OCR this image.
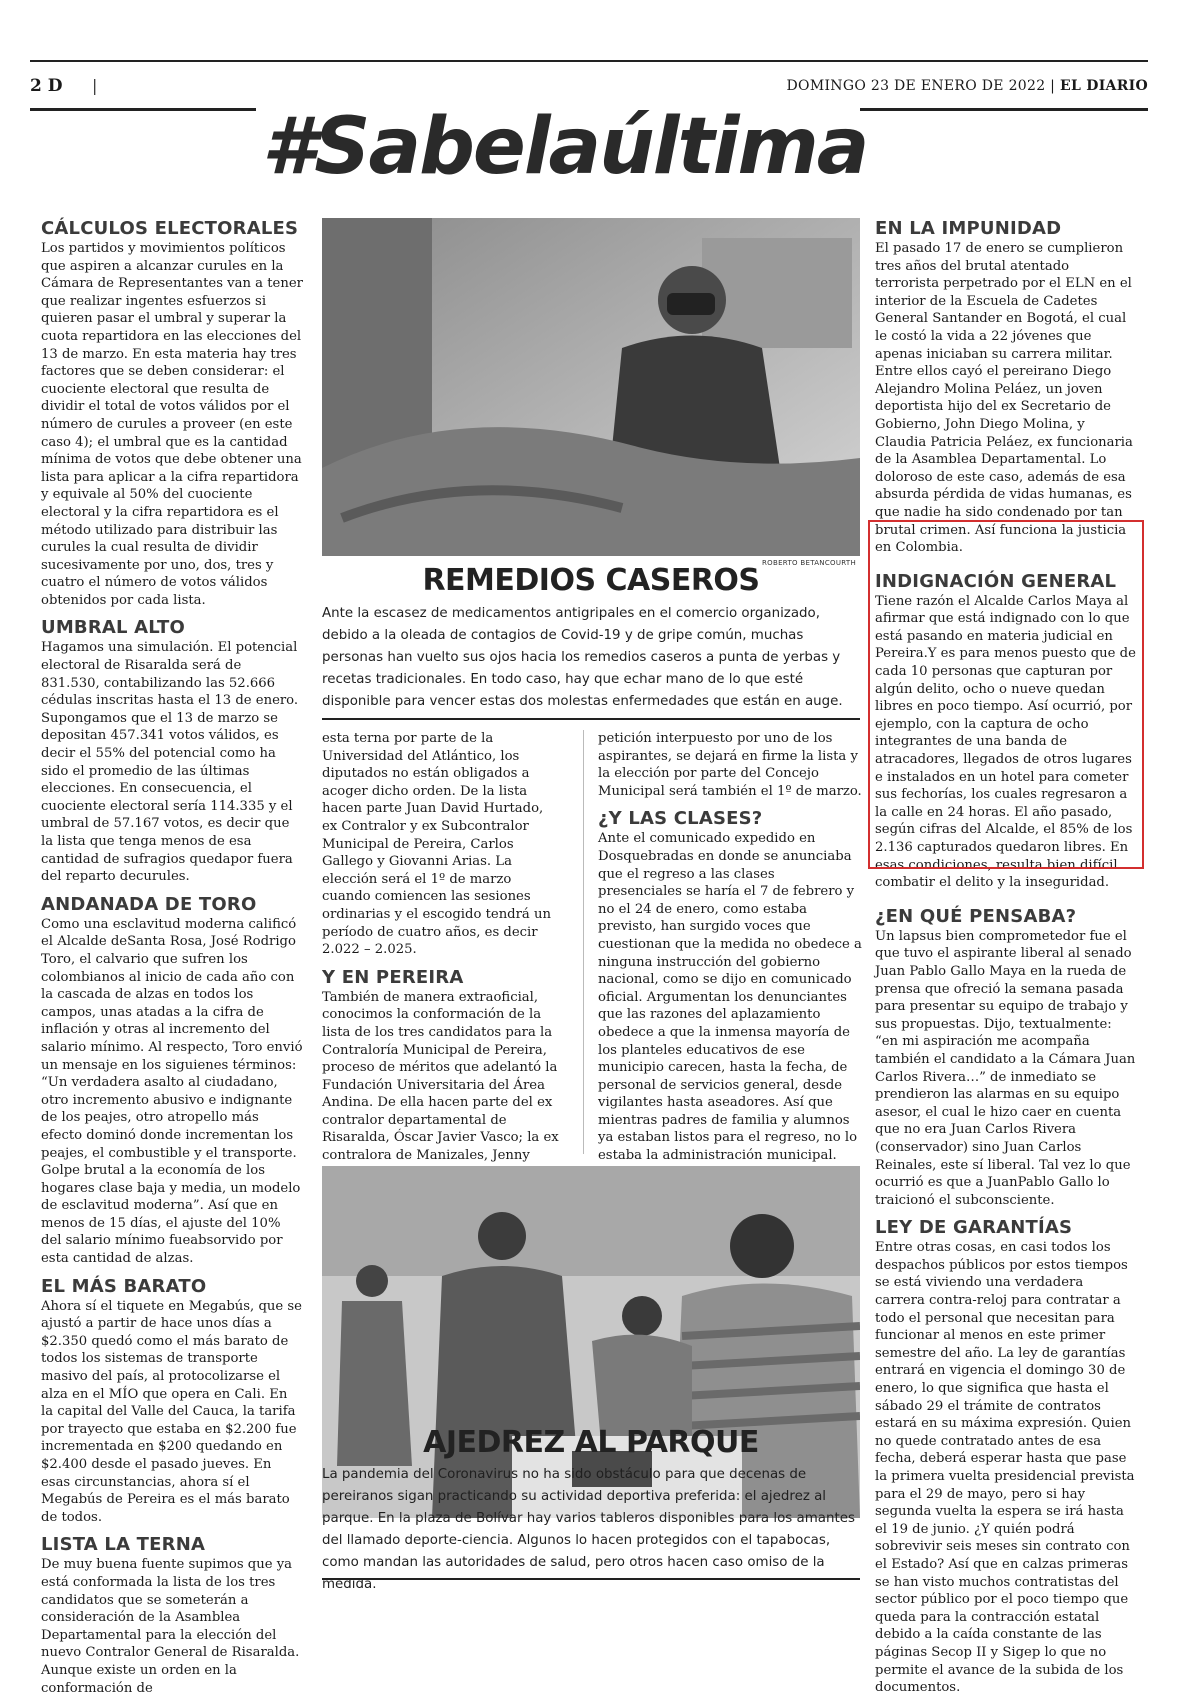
2 D |	DOMINGO 23 DE ENERO DE 2022 | EL DIARIO
#Sabelaúltima
CÁLCULOS ELECTORALES

Los partidos y movimientos políticos que aspiren a alcanzar curules en la Cámara de Representantes van a tener que realizar ingentes esfuerzos si quieren pasar el umbral y superar la cuota repartidora en las elecciones del 13 de marzo. En esta materia hay tres factores que se deben considerar: el cuociente electoral que resulta de dividir el total de votos válidos por el número de curules a proveer (en este caso 4); el umbral que es la cantidad mínima de votos que debe obtener una lista para aplicar a la cifra repartidora y equivale al 50% del cuociente electoral y la cifra repartidora es el método utilizado para distribuir las curules la cual resulta de dividir sucesivamente por uno, dos, tres y cuatro el número de votos válidos obtenidos por cada lista.

UMBRAL ALTO

Hagamos una simulación. El potencial electoral de Risaralda será de 831.530, contabilizando las 52.666 cédulas inscritas hasta el 13 de enero. Supongamos que el 13 de marzo se depositan 457.341 votos válidos, es decir el 55% del potencial como ha sido el promedio de las últimas elecciones. En consecuencia, el cuociente electoral sería 114.335 y el umbral de 57.167 votos, es decir que la lista que tenga menos de esa cantidad de sufragios quedapor fuera del reparto decurules.

ANDANADA DE TORO

Como una esclavitud moderna calificó el Alcalde deSanta Rosa, José Rodrigo Toro, el calvario que sufren los colombianos al inicio de cada año con la cascada de alzas en todos los campos, unas atadas a la cifra de inflación y otras al incremento del salario mínimo. Al respecto, Toro envió un mensaje en los siguienes términos: “Un verdadera asalto al ciudadano, otro incremento abusivo e indignante de los peajes, otro atropello más efecto dominó donde incrementan los peajes, el combustible y el transporte. Golpe brutal a la economía de los hogares clase baja y media, un modelo de esclavitud moderna”. Así que en menos de 15 días, el ajuste del 10% del salario mínimo fueabsorvido por esta cantidad de alzas.

EL MÁS BARATO

Ahora sí el tiquete en Megabús, que se ajustó a partir de hace unos días a $2.350 quedó como el más barato de todos los sistemas de transporte masivo del país, al protocolizarse el alza en el MÍO que opera en Cali. En la capital del Valle del Cauca, la tarifa por trayecto que estaba en $2.200 fue incrementada en $200 quedando en $2.400 desde el pasado jueves. En esas circunstancias, ahora sí el Megabús de Pereira es el más barato de todos.

LISTA LA TERNA

De muy buena fuente supimos que ya está conformada la lista de los tres candidatos que se someterán a consideración de la Asamblea Departamental para la elección del nuevo Contralor General de Risaralda. Aunque existe un orden en la conformación de

ROBERTO BETANCOURTH
REMEDIOS CASEROS
Ante la escasez de medicamentos antigripales en el comercio organizado, debido a la oleada de contagios de Covid-19 y de gripe común, muchas personas han vuelto sus ojos hacia los remedios caseros a punta de yerbas y recetas tradicionales. En todo caso, hay que echar mano de lo que esté disponible para vencer estas dos molestas enfermedades que están en auge.

esta terna por parte de la Universidad del Atlántico, los diputados no están obligados a acoger dicho orden. De la lista hacen parte Juan David Hurtado, ex Contralor y ex Subcontralor Municipal de Pereira, Carlos Gallego y Giovanni Arias. La elección será el 1º de marzo cuando comiencen las sesiones ordinarias y el escogido tendrá un período de cuatro años, es decir 2.022 – 2.025.

Y EN PEREIRA

También de manera extraoficial, conocimos la conformación de la lista de los tres candidatos para la Contraloría Municipal de Pereira, proceso de méritos que adelantó la Fundación Universitaria del Área Andina. De ella hacen parte del ex contralor departamental de Risaralda, Óscar Javier Vasco; la ex contralora de Manizales, Jenny

petición interpuesto por uno de los aspirantes, se dejará en firme la lista y la elección por parte del Concejo Municipal será también el 1º de marzo.

¿Y LAS CLASES?

Ante el comunicado expedido en Dosquebradas en donde se anunciaba que el regreso a las clases presenciales se haría el 7 de febrero y no el 24 de enero, como estaba previsto, han surgido voces que cuestionan que la medida no obedece a ninguna instrucción del gobierno nacional, como se dijo en comunicado oficial. Argumentan los denunciantes que las razones del aplazamiento obedece a que la inmensa mayoría de los planteles educativos de ese municipio carecen, hasta la fecha, de personal de servicios general, desde vigilantes hasta aseadores. Así que mientras padres de familia y alumnos ya estaban listos para el regreso, no lo estaba la administración municipal.

AJEDREZ AL PARQUE
La pandemia del Coronavirus no ha sido obstáculo para que decenas de pereiranos sigan practicando su actividad deportiva preferida: el ajedrez al parque. En la plaza de Bolívar hay varios tableros disponibles para los amantes del llamado deporte-ciencia. Algunos lo hacen protegidos con el tapabocas, como mandan las autoridades de salud, pero otros hacen caso omiso de la medida.
EN LA IMPUNIDAD

El pasado 17 de enero se cumplieron tres años del brutal atentado terrorista perpetrado por el ELN en el interior de la Escuela de Cadetes General Santander en Bogotá, el cual le costó la vida a 22 jóvenes que apenas iniciaban su carrera militar. Entre ellos cayó el pereirano Diego Alejandro Molina Peláez, un joven deportista hijo del ex Secretario de Gobierno, John Diego Molina, y Claudia Patricia Peláez, ex funcionaria de la Asamblea Departamental. Lo doloroso de este caso, además de esa absurda pérdida de vidas humanas, es que nadie ha sido condenado por tan brutal crimen. Así funciona la justicia en Colombia.

INDIGNACIÓN GENERAL

Tiene razón el Alcalde Carlos Maya al afirmar que está indignado con lo que está pasando en materia judicial en Pereira.Y es para menos puesto que de cada 10 personas que capturan por algún delito, ocho o nueve quedan libres en poco tiempo. Así ocurrió, por ejemplo, con la captura de ocho integrantes de una banda de atracadores, llegados de otros lugares e instalados en un hotel para cometer sus fechorías, los cuales regresaron a la calle en 24 horas. El año pasado, según cifras del Alcalde, el 85% de los 2.136 capturados quedaron libres. En esas condiciones, resulta bien difícil combatir el delito y la inseguridad.

¿EN QUÉ PENSABA?

Un lapsus bien comprometedor fue el que tuvo el aspirante liberal al senado Juan Pablo Gallo Maya en la rueda de prensa que ofreció la semana pasada para presentar su equipo de trabajo y sus propuestas. Dijo, textualmente: “en mi aspiración me acompaña también el candidato a la Cámara Juan Carlos Rivera…” de inmediato se prendieron las alarmas en su equipo asesor, el cual le hizo caer en cuenta que no era Juan Carlos Rivera (conservador) sino Juan Carlos Reinales, este sí liberal. Tal vez lo que ocurrió es que a JuanPablo Gallo lo traicionó el subconsciente.

LEY DE GARANTÍAS

Entre otras cosas, en casi todos los despachos públicos por estos tiempos se está viviendo una verdadera carrera contra-reloj para contratar a todo el personal que necesitan para funcionar al menos en este primer semestre del año. La ley de garantías entrará en vigencia el domingo 30 de enero, lo que significa que hasta el sábado 29 el trámite de contratos estará en su máxima expresión. Quien no quede contratado antes de esa fecha, deberá esperar hasta que pase la primera vuelta presidencial prevista para el 29 de mayo, pero si hay segunda vuelta la espera se irá hasta el 19 de junio. ¿Y quién podrá sobrevivir seis meses sin contrato con el Estado? Así que en calzas primeras se han visto muchos contratistas del sector público por el poco tiempo que queda para la contracción estatal debido a la caída constante de las páginas Secop II y Sigep lo que no permite el avance de la subida de los documentos.
